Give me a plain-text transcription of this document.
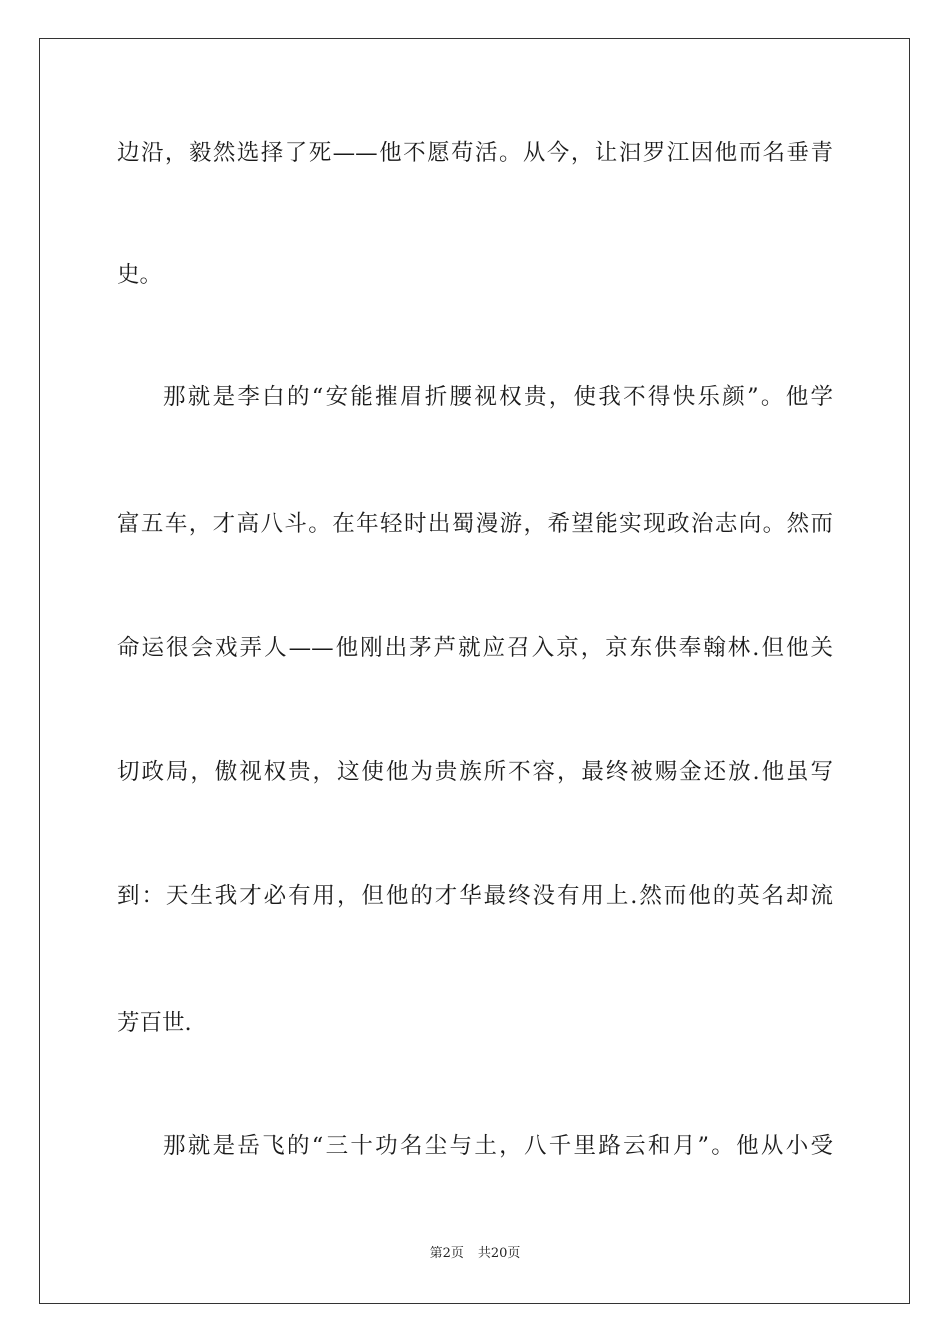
边沿，毅然选择了死——他不愿苟活。从今，让汩罗江因他而名垂青
史。
那就是李白的“安能摧眉折腰视权贵，使我不得快乐颜”。他学
富五车，才高八斗。在年轻时出蜀漫游，希望能实现政治志向。然而
命运很会戏弄人——他刚出茅芦就应召入京，京东供奉翰林.但他关
切政局，傲视权贵，这使他为贵族所不容，最终被赐金还放.他虽写
到：天生我才必有用，但他的才华最终没有用上.然而他的英名却流
芳百世.
那就是岳飞的“三十功名尘与土，八千里路云和月”。他从小受
第2页 共20页
